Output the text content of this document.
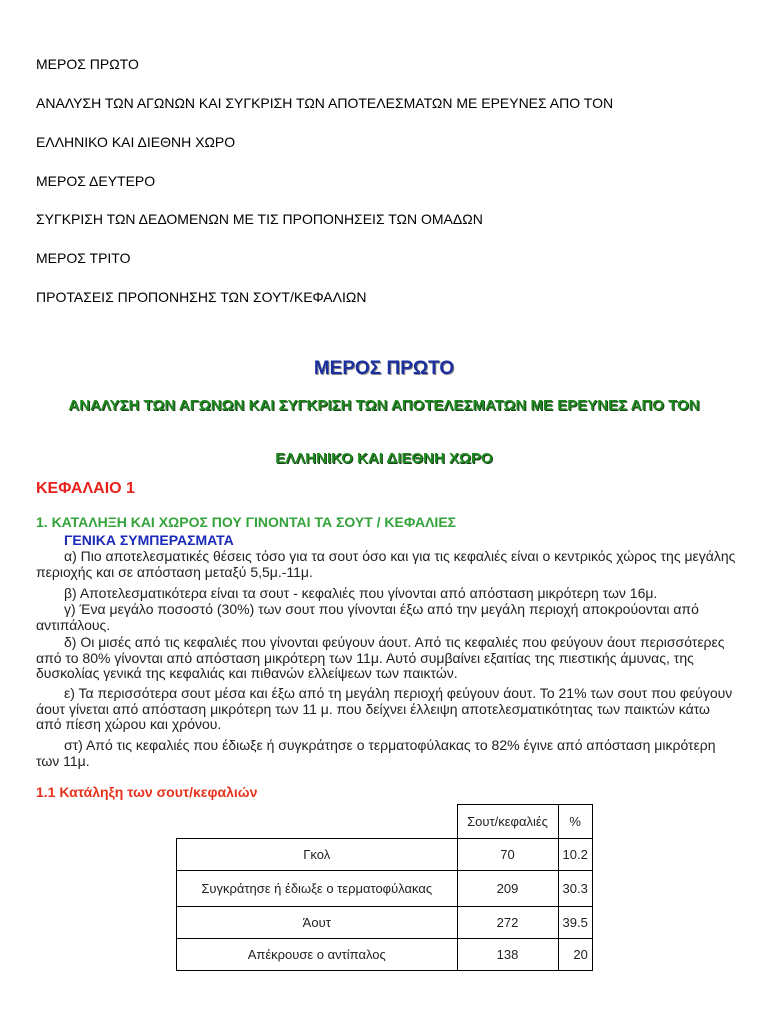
ΜΕΡΟΣ ΠΡΩΤΟ

ΑΝΑΛΥΣΗ ΤΩΝ ΑΓΩΝΩΝ ΚΑΙ ΣΥΓΚΡΙΣΗ ΤΩΝ ΑΠΟΤΕΛΕΣΜΑΤΩΝ ΜΕ ΕΡΕΥΝΕΣ ΑΠΟ ΤΟΝ

ΕΛΛΗΝΙΚΟ ΚΑΙ ΔΙΕΘΝΗ ΧΩΡΟ

ΜΕΡΟΣ ΔΕΥΤΕΡΟ

ΣΥΓΚΡΙΣΗ ΤΩΝ ΔΕΔΟΜΕΝΩΝ ΜΕ ΤΙΣ ΠΡΟΠΟΝΗΣΕΙΣ ΤΩΝ ΟΜΑΔΩΝ

ΜΕΡΟΣ ΤΡΙΤΟ

ΠΡΟΤΑΣΕΙΣ ΠΡΟΠΟΝΗΣΗΣ ΤΩΝ ΣΟΥΤ/ΚΕΦΑΛΙΩΝ

ΜΕΡΟΣ ΠΡΩΤΟ
ΑΝΑΛΥΣΗ ΤΩΝ ΑΓΩΝΩΝ ΚΑΙ ΣΥΓΚΡΙΣΗ ΤΩΝ ΑΠΟΤΕΛΕΣΜΑΤΩΝ ΜΕ ΕΡΕΥΝΕΣ ΑΠΟ ΤΟΝ
ΕΛΛΗΝΙΚΟ ΚΑΙ ΔΙΕΘΝΗ ΧΩΡΟ
ΚΕΦΑΛΑΙΟ 1
1. ΚΑΤΑΛΗΞΗ ΚΑΙ ΧΩΡΟΣ ΠΟΥ ΓΙΝΟΝΤΑΙ ΤΑ ΣΟΥΤ / ΚΕΦΑΛΙΕΣ
ΓΕΝΙΚΑ ΣΥΜΠΕΡΑΣΜΑΤΑ

α) Πιο αποτελεσματικές θέσεις τόσο για τα σουτ όσο και για τις κεφαλιές είναι ο κεντρικός χώρος της μεγάλης περιοχής και σε απόσταση μεταξύ 5,5μ.-11μ.

β) Αποτελεσματικότερα είναι τα σουτ - κεφαλιές που γίνονται από απόσταση μικρότερη των 16μ.

γ) Ένα μεγάλο ποσοστό (30%) των σουτ που γίνονται έξω από την μεγάλη περιοχή αποκρούονται από αντιπάλους.

δ) Οι μισές από τις κεφαλιές που γίνονται φεύγουν άουτ. Από τις κεφαλιές που φεύγουν άουτ περισσότερες από το 80% γίνονται από απόσταση μικρότερη των 11μ. Αυτό συμβαίνει εξαιτίας της πιεστικής άμυνας, της δυσκολίας γενικά της κεφαλιάς και πιθανών ελλείψεων των παικτών.

ε) Τα περισσότερα σουτ μέσα και έξω από τη μεγάλη περιοχή φεύγουν άουτ. Το 21% των σουτ που φεύγουν άουτ γίνεται από απόσταση μικρότερη των 11 μ. που δείχνει έλλειψη αποτελεσματικότητας των παικτών κάτω από πίεση χώρου και χρόνου.

στ) Από τις κεφαλιές που έδιωξε ή συγκράτησε ο τερματοφύλακας το 82% έγινε από απόσταση μικρότερη των 11μ.

1.1 Κατάληξη των σουτ/κεφαλιών
	Σουτ/κεφαλιές	%
Γκολ	70	10.2
Συγκράτησε ή έδιωξε ο τερματοφύλακας	209	30.3
Άουτ	272	39.5
Απέκρουσε ο αντίπαλος	138	20
